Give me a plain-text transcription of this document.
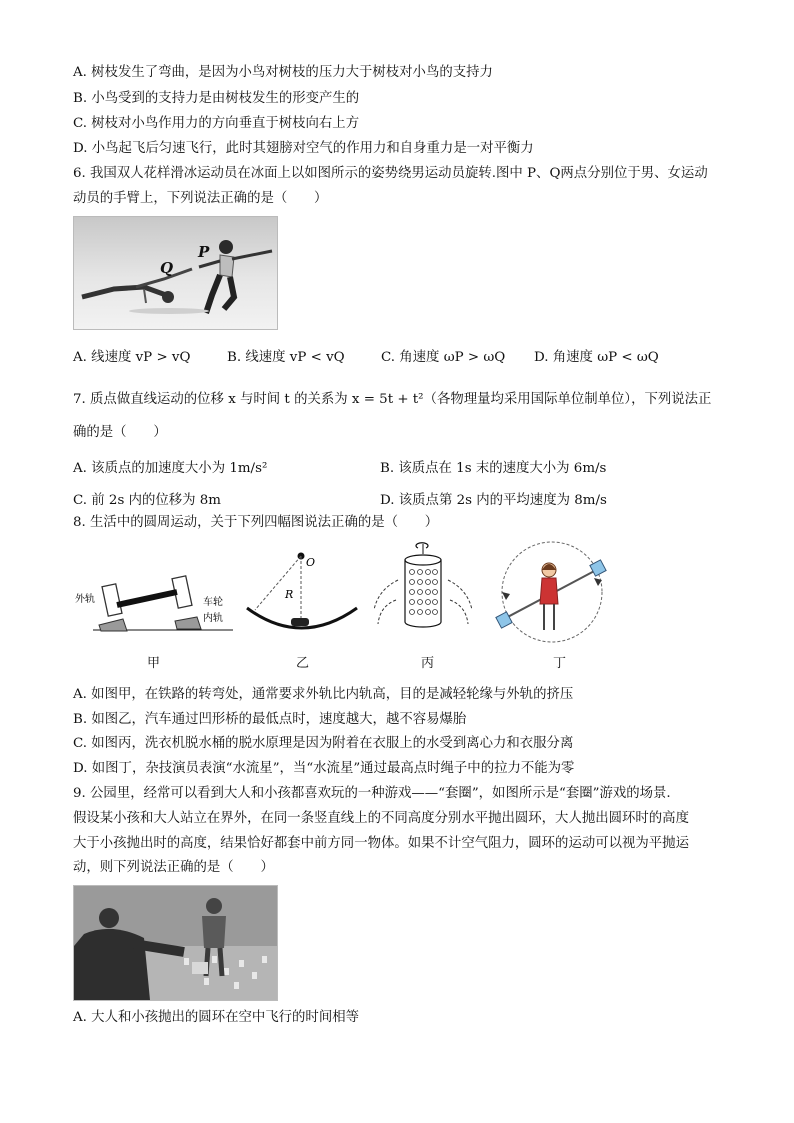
A. 树枝发生了弯曲，是因为小鸟对树枝的压力大于树枝对小鸟的支持力
B. 小鸟受到的支持力是由树枝发生的形变产生的
C. 树枝对小鸟作用力的方向垂直于树枝向右上方
D. 小鸟起飞后匀速飞行，此时其翅膀对空气的作用力和自身重力是一对平衡力
6. 我国双人花样滑冰运动员在冰面上以如图所示的姿势绕男运动员旋转.图中 P、Q两点分别位于男、女运动
动员的手臂上，下列说法正确的是（　　）
P
Q
A. 线速度 vP > vQ	B. 线速度 vP < vQ	C. 角速度 ωP > ωQ D. 角速度 ωP < ωQ
7. 质点做直线运动的位移 x 与时间 t 的关系为 x = 5t + t²（各物理量均采用国际单位制单位），下列说法正
确的是（　　）
A. 该质点的加速度大小为 1m/s²	B. 该质点在 1s 末的速度大小为 6m/s
C. 前 2s 内的位移为 8m	D. 该质点第 2s 内的平均速度为 8m/s
8. 生活中的圆周运动，关于下列四幅图说法正确的是（　　）
外轨	车轮
内轨
甲
O
R
乙	丙	丁
A. 如图甲，在铁路的转弯处，通常要求外轨比内轨高，目的是减轻轮缘与外轨的挤压
B. 如图乙，汽车通过凹形桥的最低点时，速度越大，越不容易爆胎
C. 如图丙，洗衣机脱水桶的脱水原理是因为附着在衣服上的水受到离心力和衣服分离
D. 如图丁，杂技演员表演“水流星”，当“水流星”通过最高点时绳子中的拉力不能为零
9. 公园里，经常可以看到大人和小孩都喜欢玩的一种游戏——“套圈”，如图所示是“套圈”游戏的场景.
假设某小孩和大人站立在界外，在同一条竖直线上的不同高度分别水平抛出圆环，大人抛出圆环时的高度
大于小孩抛出时的高度，结果恰好都套中前方同一物体。如果不计空气阻力，圆环的运动可以视为平抛运
动，则下列说法正确的是（　　）
A. 大人和小孩抛出的圆环在空中飞行的时间相等
